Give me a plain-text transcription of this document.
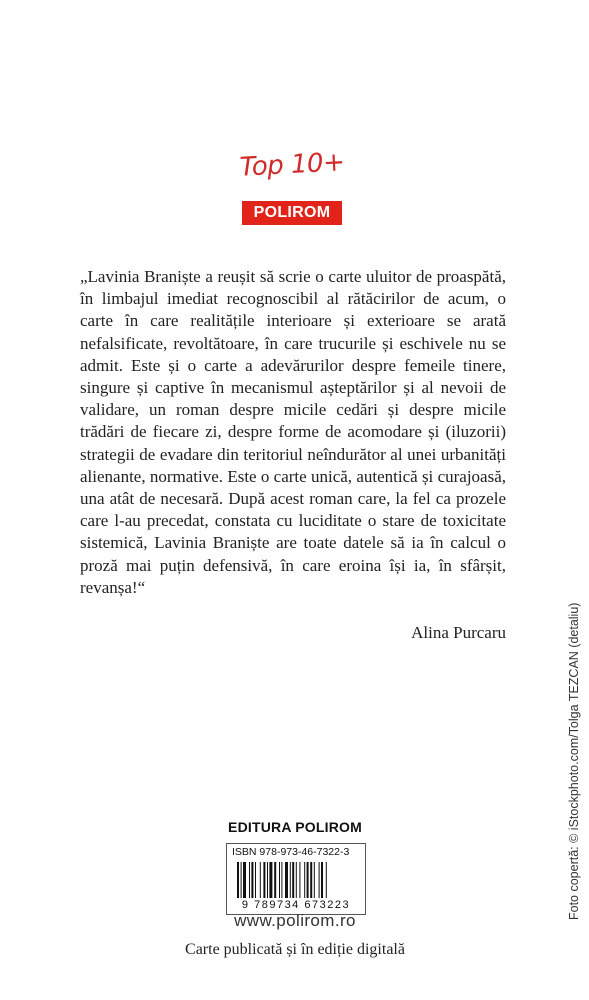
Top 10+
POLIROM

„Lavinia Braniște a reușit să scrie o carte uluitor de proaspătă, în limbajul imediat recognoscibil al rătăcirilor de acum, o carte în care realitățile interioare și exterioare se arată nefalsificate, revoltătoare, în care trucurile și eschivele nu se admit. Este și o carte a adevărurilor despre femeile tinere, singure și captive în mecanismul așteptărilor și al nevoii de validare, un roman despre micile cedări și despre micile trădări de fiecare zi, despre forme de acomodare și (iluzorii) strategii de evadare din teritoriul neîndurător al unei urbanități alienante, normative. Este o carte unică, autentică și curajoasă, una atât de necesară. După acest roman care, la fel ca prozele care l-au precedat, constata cu luciditate o stare de toxicitate sistemică, Lavinia Braniște are toate datele să ia în calcul o proză mai puțin defensivă, în care eroina își ia, în sfârșit, revanșa!“

Alina Purcaru
EDITURA POLIROM
ISBN 978-973-46-7322-3
9 789734 673223
www.polirom.ro
Carte publicată și în ediție digitală
Foto copertă: © iStockphoto.com/Tolga TEZCAN (detaliu)
